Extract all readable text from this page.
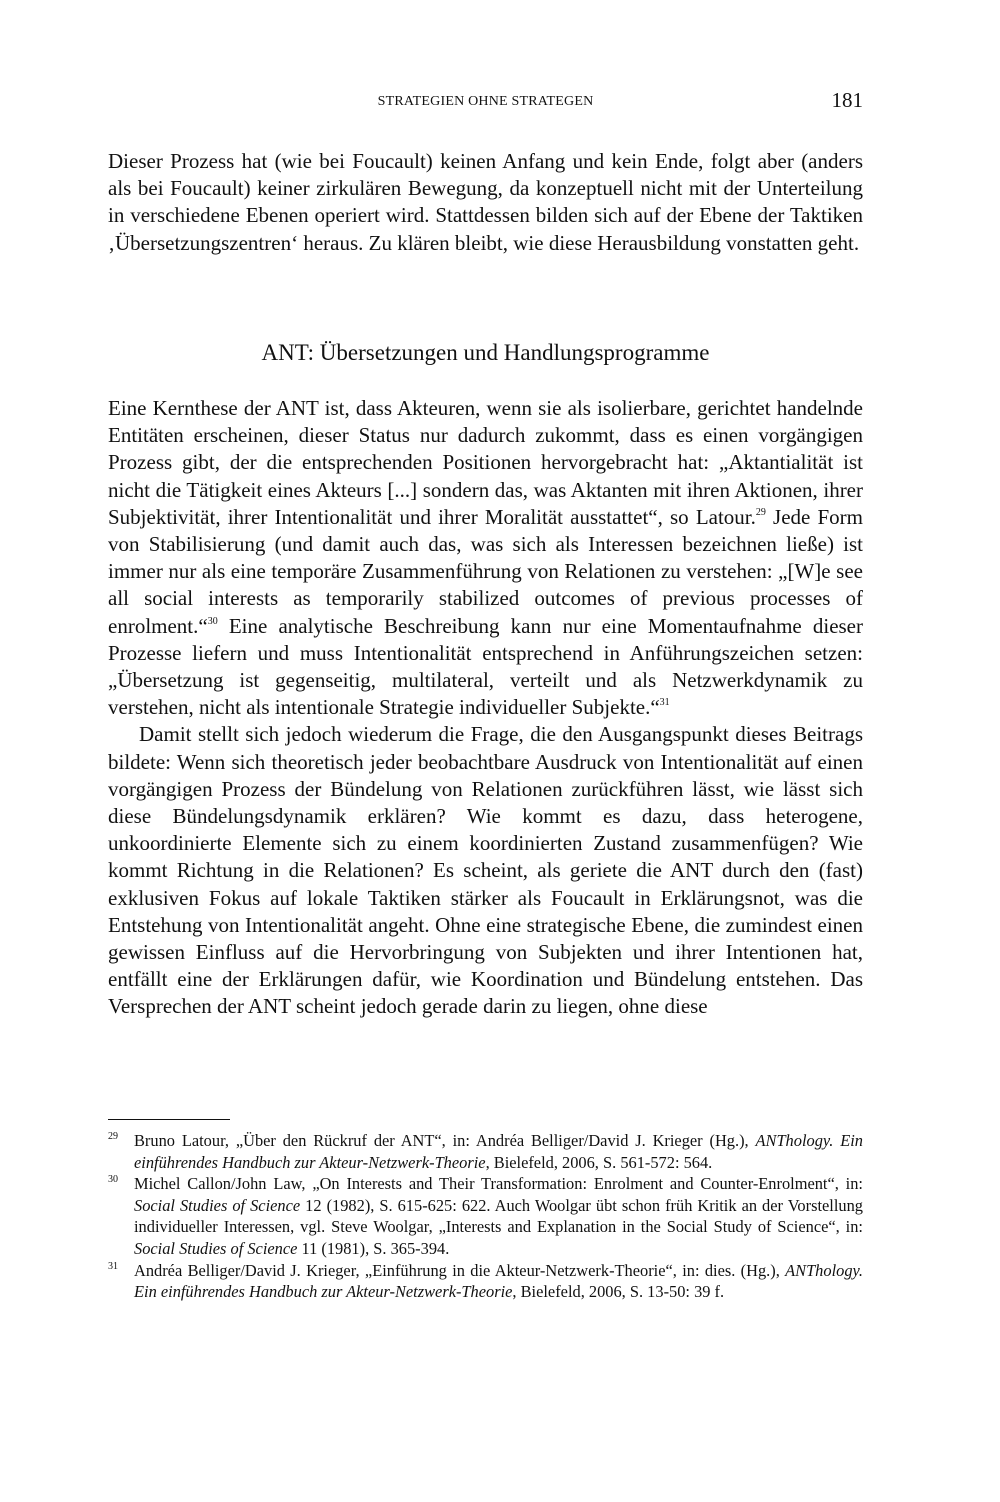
STRATEGIEN OHNE STRATEGEN	181

Dieser Prozess hat (wie bei Foucault) keinen Anfang und kein Ende, folgt aber (anders als bei Foucault) keiner zirkulären Bewegung, da konzeptuell nicht mit der Unterteilung in verschiedene Ebenen operiert wird. Stattdessen bilden sich auf der Ebene der Taktiken ‚Übersetzungszentren‘ heraus. Zu klären bleibt, wie diese Herausbildung vonstatten geht.

ANT: Übersetzungen und Handlungsprogramme

Eine Kernthese der ANT ist, dass Akteuren, wenn sie als isolierbare, gerichtet handelnde Entitäten erscheinen, dieser Status nur dadurch zukommt, dass es einen vorgängigen Prozess gibt, der die entsprechenden Positionen hervorgebracht hat: „Aktantialität ist nicht die Tätigkeit eines Akteurs [...] sondern das, was Aktanten mit ihren Aktionen, ihrer Subjektivität, ihrer Intentionalität und ihrer Moralität ausstattet“, so Latour.$^{29}$ Jede Form von Stabilisierung (und damit auch das, was sich als Interessen bezeichnen ließe) ist immer nur als eine temporäre Zusammenführung von Relationen zu verstehen: „[W]e see all social interests as temporarily stabilized outcomes of previous processes of enrolment.“$^{30}$ Eine analytische Beschreibung kann nur eine Momentaufnahme dieser Prozesse liefern und muss Intentionalität entsprechend in Anführungszeichen setzen: „Übersetzung ist gegenseitig, multilateral, verteilt und als Netzwerkdynamik zu verstehen, nicht als intentionale Strategie individueller Subjekte.“$^{31}$

Damit stellt sich jedoch wiederum die Frage, die den Ausgangspunkt dieses Beitrags bildete: Wenn sich theoretisch jeder beobachtbare Ausdruck von Intentionalität auf einen vorgängigen Prozess der Bündelung von Relationen zurückführen lässt, wie lässt sich diese Bündelungsdynamik erklären? Wie kommt es dazu, dass heterogene, unkoordinierte Elemente sich zu einem koordinierten Zustand zusammenfügen? Wie kommt Richtung in die Relationen? Es scheint, als geriete die ANT durch den (fast) exklusiven Fokus auf lokale Taktiken stärker als Foucault in Erklärungsnot, was die Entstehung von Intentionalität angeht. Ohne eine strategische Ebene, die zumindest einen gewissen Einfluss auf die Hervorbringung von Subjekten und ihrer Intentionen hat, entfällt eine der Erklärungen dafür, wie Koordination und Bündelung entstehen. Das Versprechen der ANT scheint jedoch gerade darin zu liegen, ohne diese

29 Bruno Latour, „Über den Rückruf der ANT“, in: Andréa Belliger/David J. Krieger (Hg.), ANThology. Ein einführendes Handbuch zur Akteur-Netzwerk-Theorie, Bielefeld, 2006, S. 561-572: 564.

30 Michel Callon/John Law, „On Interests and Their Transformation: Enrolment and Counter-Enrolment“, in: Social Studies of Science 12 (1982), S. 615-625: 622. Auch Woolgar übt schon früh Kritik an der Vorstellung individueller Interessen, vgl. Steve Woolgar, „Interests and Explanation in the Social Study of Science“, in: Social Studies of Science 11 (1981), S. 365-394.

31 Andréa Belliger/David J. Krieger, „Einführung in die Akteur-Netzwerk-Theorie“, in: dies. (Hg.), ANThology. Ein einführendes Handbuch zur Akteur-Netzwerk-Theorie, Bielefeld, 2006, S. 13-50: 39 f.
